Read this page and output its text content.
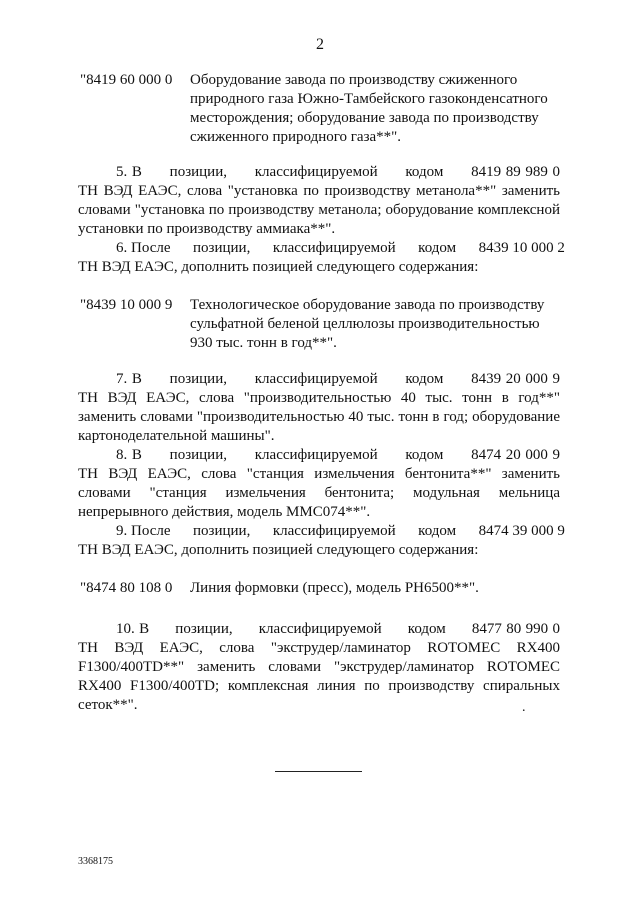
2
"8419 60 000 0	Оборудование завода по производству сжиженного
природного газа Южно-Тамбейского газоконденсатного
месторождения; оборудование завода по производству
сжиженного природного газа**".
5. В      позиции,      классифицируемой      кодом      8419 89 989 0
ТН ВЭД ЕАЭС, слова "установка по производству метанола**" заменить
словами "установка по производству метанола; оборудование комплексной
установки по производству аммиака**".
6. После      позиции,      классифицируемой      кодом      8439 10 000 2
ТН ВЭД ЕАЭС, дополнить позицией следующего содержания:
"8439 10 000 9	Технологическое оборудование завода по производству
сульфатной беленой целлюлозы производительностью
930 тыс. тонн в год**".
7. В      позиции,      классифицируемой      кодом      8439 20 000 9
ТН ВЭД ЕАЭС, слова "производительностью 40 тыс. тонн в год**"
заменить словами "производительностью 40 тыс. тонн в год; оборудование
картоноделательной машины".
8. В      позиции,      классифицируемой      кодом      8474 20 000 9
ТН ВЭД ЕАЭС, слова "станция измельчения бентонита**" заменить
словами "станция измельчения бентонита; модульная мельница
непрерывного действия, модель ММС074**".
9. После      позиции,      классифицируемой      кодом      8474 39 000 9
ТН ВЭД ЕАЭС, дополнить позицией следующего содержания:
"8474 80 108 0	Линия формовки (пресс), модель РН6500**".
10. В      позиции,      классифицируемой      кодом      8477 80 990 0
ТН ВЭД ЕАЭС, слова "экструдер/ламинатор ROTOMEC RX400
F1300/400TD**" заменить словами "экструдер/ламинатор ROTOMEC
RX400 F1300/400TD; комплексная линия по производству спиральных
сеток**".	.
3368175
